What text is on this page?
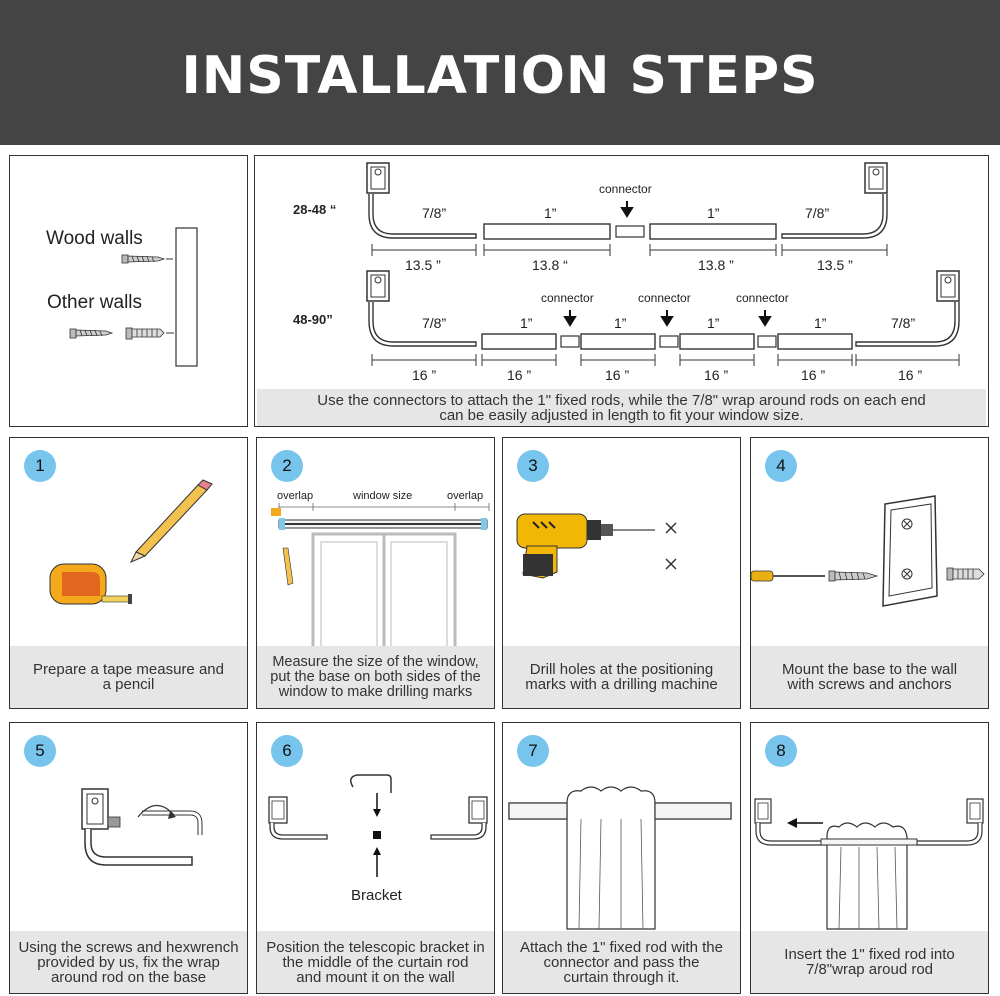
INSTALLATION STEPS
Wood walls
Other walls
28-48 “	7/8”	1”
connector
1”	7/8”
13.5 ”	13.8 “	13.8 ”	13.5 ”
48-90”	7/8”	1”
connector
1”
connector
1”
connector
1”	7/8”
16 ”	16 ”	16 ”	16 ”	16 ”	16 ”
Use the connectors to attach the 1" fixed rods, while the 7/8" wrap around rods on each end
can be easily adjusted in length to fit your window size.
1
Prepare a tape measure and
a pencil
2
overlap	window size	overlap
Measure the size of the window,
put the base on both sides of the
window to make drilling marks
3
Drill holes at the positioning
marks with a drilling machine
4
Mount the base to the wall
with screws and anchors
5
Using the screws and hexwrench
provided by us, fix the wrap
around rod on the base
6
Bracket
Position the telescopic bracket in
the middle of the curtain rod
and mount it on the wall
7
Attach the 1" fixed rod with the
connector and pass the
curtain through it.
8
Insert the 1" fixed rod into
7/8"wrap aroud rod
